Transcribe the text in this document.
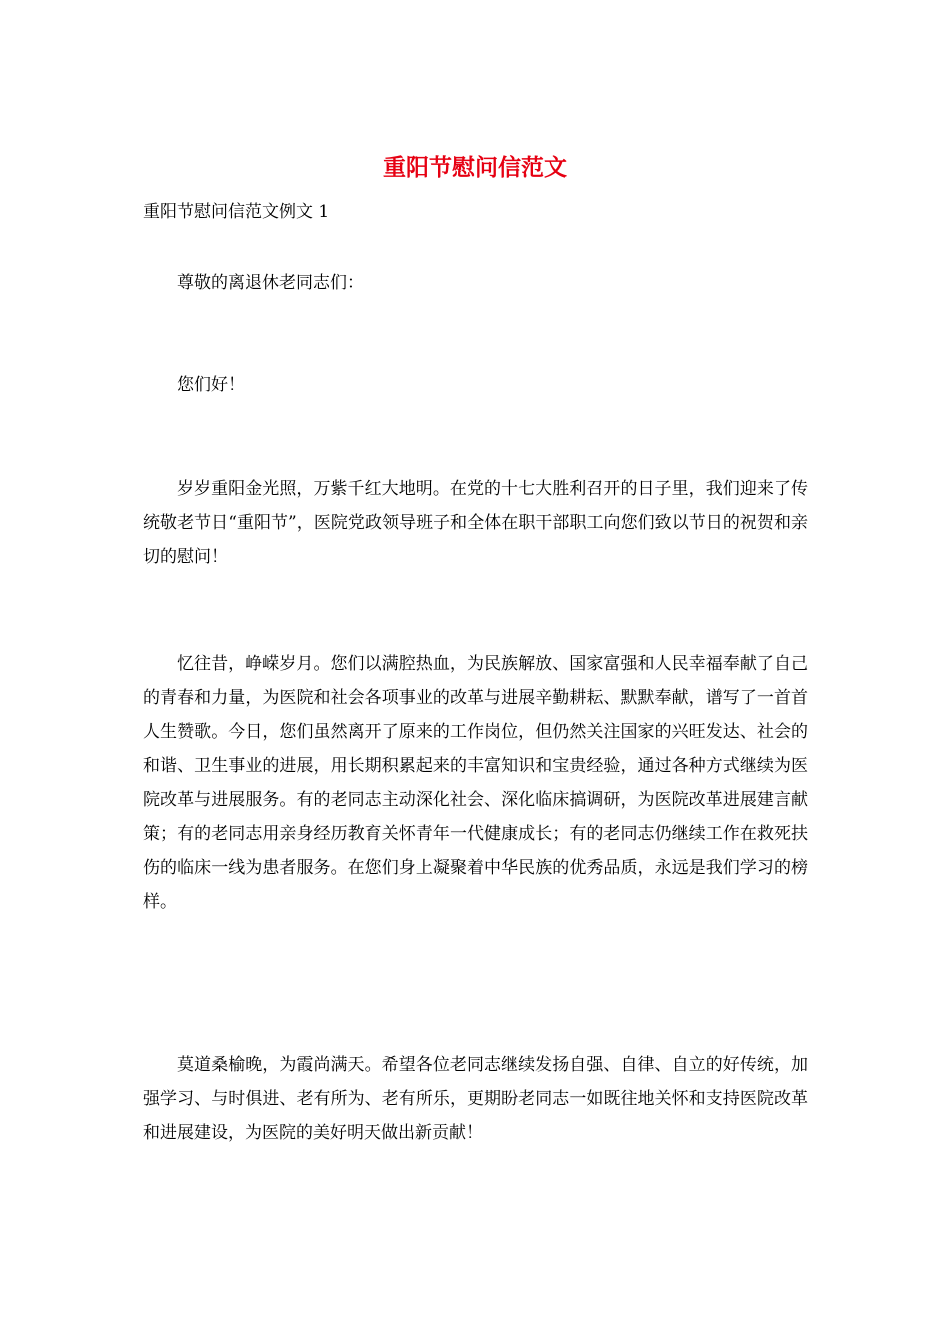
重阳节慰问信范文
重阳节慰问信范文例文 1

尊敬的离退休老同志们：

您们好！

岁岁重阳金光照，万紫千红大地明。在党的十七大胜利召开的日子里，我们迎来了传统敬老节日“重阳节”，医院党政领导班子和全体在职干部职工向您们致以节日的祝贺和亲切的慰问！

忆往昔，峥嵘岁月。您们以满腔热血，为民族解放、国家富强和人民幸福奉献了自己的青春和力量，为医院和社会各项事业的改革与进展辛勤耕耘、默默奉献，谱写了一首首人生赞歌。今日，您们虽然离开了原来的工作岗位，但仍然关注国家的兴旺发达、社会的和谐、卫生事业的进展，用长期积累起来的丰富知识和宝贵经验，通过各种方式继续为医院改革与进展服务。有的老同志主动深化社会、深化临床搞调研，为医院改革进展建言献策；有的老同志用亲身经历教育关怀青年一代健康成长；有的老同志仍继续工作在救死扶伤的临床一线为患者服务。在您们身上凝聚着中华民族的优秀品质，永远是我们学习的榜样。

莫道桑榆晚，为霞尚满天。希望各位老同志继续发扬自强、自律、自立的好传统，加强学习、与时俱进、老有所为、老有所乐，更期盼老同志一如既往地关怀和支持医院改革和进展建设，为医院的美好明天做出新贡献！
